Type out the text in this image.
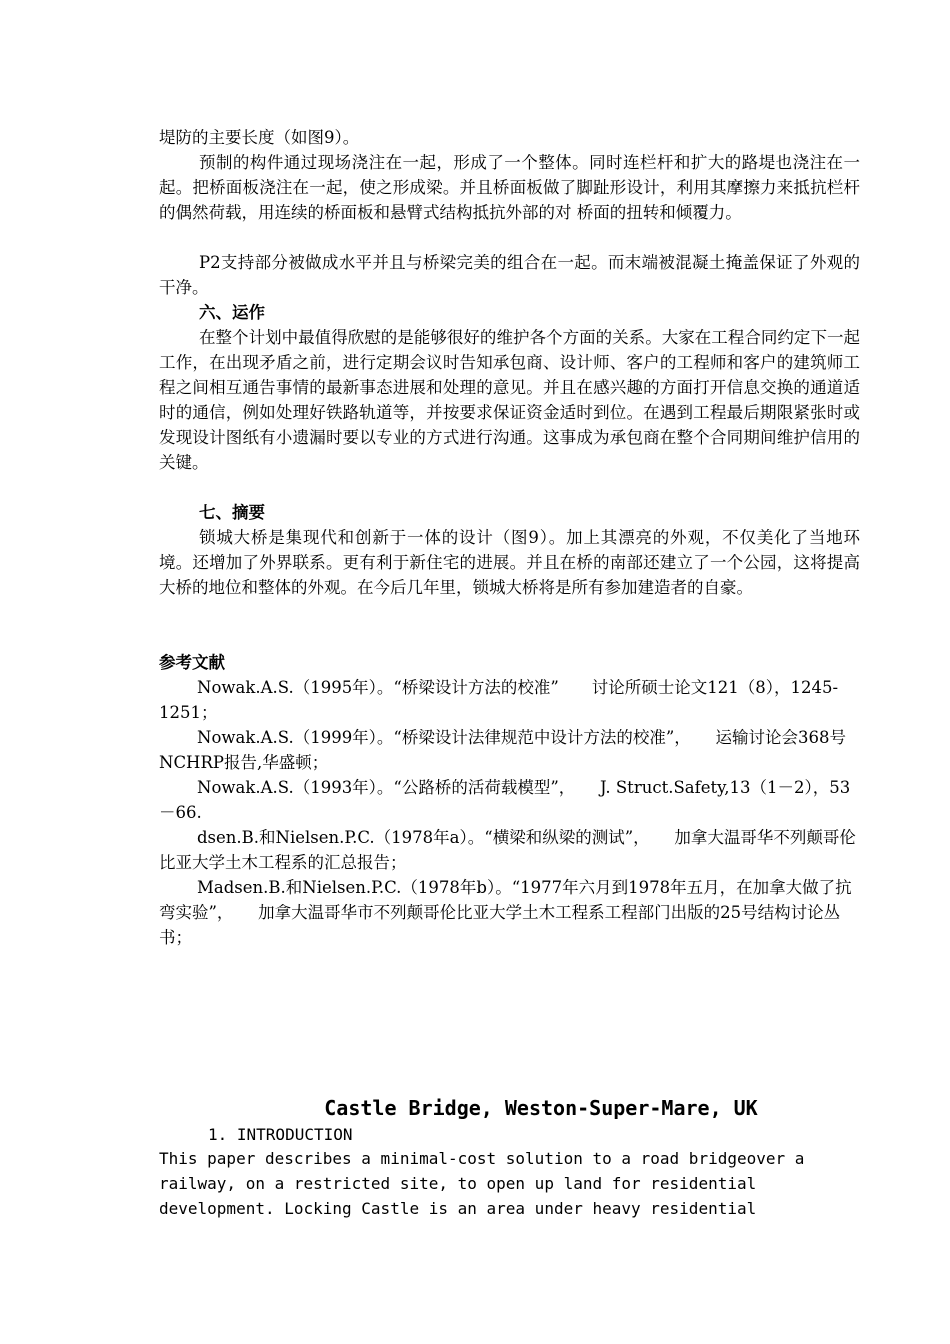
堤防的主要长度（如图9）。

预制的构件通过现场浇注在一起，形成了一个整体。同时连栏杆和扩大的路堤也浇注在一起。把桥面板浇注在一起，使之形成梁。并且桥面板做了脚趾形设计，利用其摩擦力来抵抗栏杆的偶然荷载，用连续的桥面板和悬臂式结构抵抗外部的对 桥面的扭转和倾覆力。

P2支持部分被做成水平并且与桥梁完美的组合在一起。而末端被混凝土掩盖保证了外观的干净。

六、运作

在整个计划中最值得欣慰的是能够很好的维护各个方面的关系。大家在工程合同约定下一起工作，在出现矛盾之前，进行定期会议时告知承包商、设计师、客户的工程师和客户的建筑师工程之间相互通告事情的最新事态进展和处理的意见。并且在感兴趣的方面打开信息交换的通道适时的通信，例如处理好铁路轨道等，并按要求保证资金适时到位。在遇到工程最后期限紧张时或发现设计图纸有小遗漏时要以专业的方式进行沟通。这事成为承包商在整个合同期间维护信用的关键。

七、摘要

锁城大桥是集现代和创新于一体的设计（图9）。加上其漂亮的外观，不仅美化了当地环境。还增加了外界联系。更有利于新住宅的进展。并且在桥的南部还建立了一个公园，这将提高大桥的地位和整体的外观。在今后几年里，锁城大桥将是所有参加建造者的自豪。

参考文献

Nowak.A.S.（1995年）。“桥梁设计方法的校准”　　讨论所硕士论文121（8），1245-1251；

Nowak.A.S.（1999年）。“桥梁设计法律规范中设计方法的校准”，　　运输讨论会368号NCHRP报告,华盛顿；

Nowak.A.S.（1993年）。“公路桥的活荷载模型”，　　J. Struct.Safety,13（1－2），53－66.

dsen.B.和Nielsen.P.C.（1978年a）。“横梁和纵梁的测试”，　　加拿大温哥华不列颠哥伦比亚大学土木工程系的汇总报告；

Madsen.B.和Nielsen.P.C.（1978年b）。“1977年六月到1978年五月，在加拿大做了抗弯实验”，　　加拿大温哥华市不列颠哥伦比亚大学土木工程系工程部门出版的25号结构讨论丛书；

Castle Bridge, Weston-Super-Mare, UK

1. INTRODUCTION

This paper describes a minimal-cost solution to a road bridgeover a railway, on a restricted site, to open up land for residential development. Locking Castle is an area under heavy residential
